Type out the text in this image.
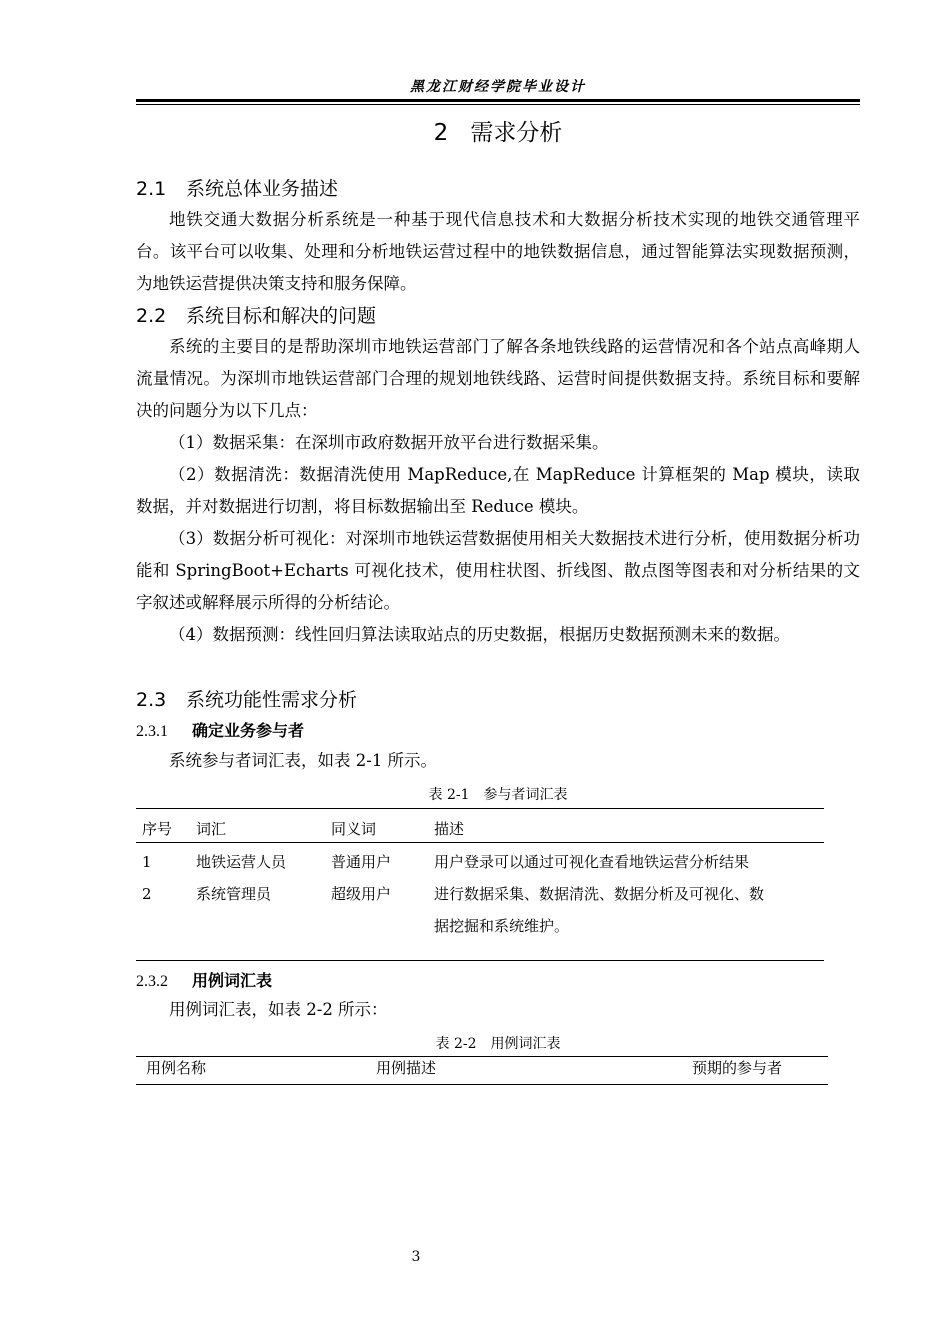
黑龙江财经学院毕业设计
2 需求分析
2.1 系统总体业务描述

地铁交通大数据分析系统是一种基于现代信息技术和大数据分析技术实现的地铁交通管理平台。该平台可以收集、处理和分析地铁运营过程中的地铁数据信息，通过智能算法实现数据预测，为地铁运营提供决策支持和服务保障。

2.2 系统目标和解决的问题

系统的主要目的是帮助深圳市地铁运营部门了解各条地铁线路的运营情况和各个站点高峰期人流量情况。为深圳市地铁运营部门合理的规划地铁线路、运营时间提供数据支持。系统目标和要解决的问题分为以下几点：

（1）数据采集：在深圳市政府数据开放平台进行数据采集。

（2）数据清洗：数据清洗使用 MapReduce,在 MapReduce 计算框架的 Map 模块，读取数据，并对数据进行切割，将目标数据输出至 Reduce 模块。

（3）数据分析可视化：对深圳市地铁运营数据使用相关大数据技术进行分析，使用数据分析功能和 SpringBoot+Echarts 可视化技术，使用柱状图、折线图、散点图等图表和对分析结果的文字叙述或解释展示所得的分析结论。

（4）数据预测：线性回归算法读取站点的历史数据，根据历史数据预测未来的数据。

2.3 系统功能性需求分析
2.3.1 确定业务参与者

系统参与者词汇表，如表 2-1 所示。

表 2-1　参与者词汇表
序号 词汇	同义词	描述
1	地铁运营人员	普通用户	用户登录可以通过可视化查看地铁运营分析结果
2	系统管理员	超级用户	进行数据采集、数据清洗、数据分析及可视化、数
据挖掘和系统维护。
2.3.2 用例词汇表

用例词汇表，如表 2-2 所示：

表 2-2　用例词汇表
用例名称	用例描述	预期的参与者
3
